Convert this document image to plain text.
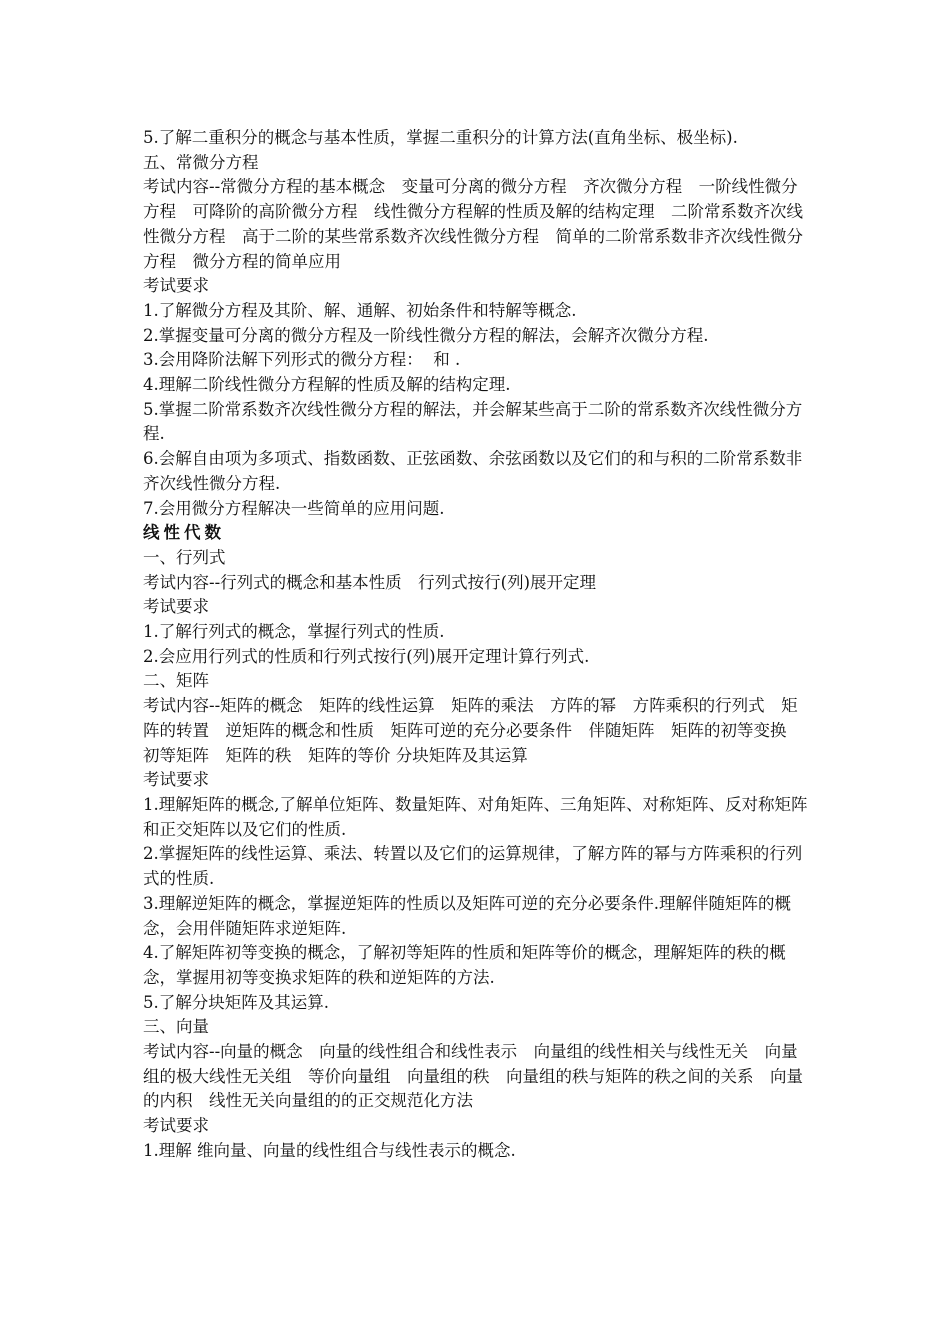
5.了解二重积分的概念与基本性质，掌握二重积分的计算方法(直角坐标、极坐标).

五、常微分方程

考试内容--常微分方程的基本概念　变量可分离的微分方程　齐次微分方程　一阶线性微分方程　可降阶的高阶微分方程　线性微分方程解的性质及解的结构定理　二阶常系数齐次线性微分方程　高于二阶的某些常系数齐次线性微分方程　简单的二阶常系数非齐次线性微分方程　微分方程的简单应用

考试要求

1.了解微分方程及其阶、解、通解、初始条件和特解等概念.

2.掌握变量可分离的微分方程及一阶线性微分方程的解法，会解齐次微分方程.

3.会用降阶法解下列形式的微分方程：  和 .

4.理解二阶线性微分方程解的性质及解的结构定理.

5.掌握二阶常系数齐次线性微分方程的解法，并会解某些高于二阶的常系数齐次线性微分方程.

6.会解自由项为多项式、指数函数、正弦函数、余弦函数以及它们的和与积的二阶常系数非齐次线性微分方程.

7.会用微分方程解决一些简单的应用问题.

线性代数

一、行列式

考试内容--行列式的概念和基本性质　行列式按行(列)展开定理

考试要求

1.了解行列式的概念，掌握行列式的性质.

2.会应用行列式的性质和行列式按行(列)展开定理计算行列式.

二、矩阵

考试内容--矩阵的概念　矩阵的线性运算　矩阵的乘法　方阵的幂　方阵乘积的行列式　矩阵的转置　逆矩阵的概念和性质　矩阵可逆的充分必要条件　伴随矩阵　矩阵的初等变换　初等矩阵　矩阵的秩　矩阵的等价 分块矩阵及其运算

考试要求

1.理解矩阵的概念,了解单位矩阵、数量矩阵、对角矩阵、三角矩阵、对称矩阵、反对称矩阵和正交矩阵以及它们的性质.

2.掌握矩阵的线性运算、乘法、转置以及它们的运算规律，了解方阵的幂与方阵乘积的行列式的性质.

3.理解逆矩阵的概念，掌握逆矩阵的性质以及矩阵可逆的充分必要条件.理解伴随矩阵的概念，会用伴随矩阵求逆矩阵.

4.了解矩阵初等变换的概念，了解初等矩阵的性质和矩阵等价的概念，理解矩阵的秩的概念，掌握用初等变换求矩阵的秩和逆矩阵的方法.

5.了解分块矩阵及其运算.

三、向量

考试内容--向量的概念　向量的线性组合和线性表示　向量组的线性相关与线性无关　向量组的极大线性无关组　等价向量组　向量组的秩　向量组的秩与矩阵的秩之间的关系　向量的内积　线性无关向量组的的正交规范化方法

考试要求

1.理解 维向量、向量的线性组合与线性表示的概念.
